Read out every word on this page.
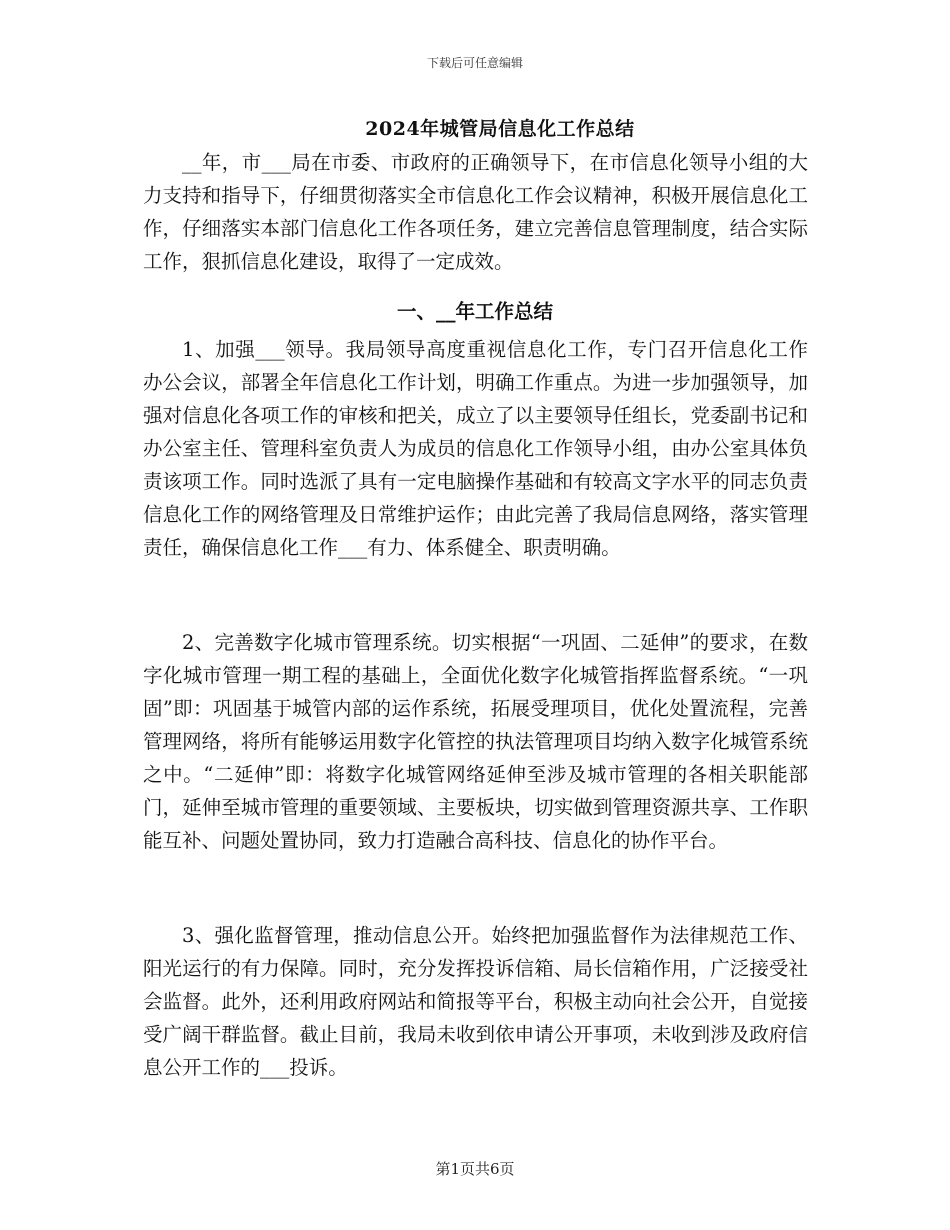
下载后可任意编辑
2024年城管局信息化工作总结

__年，市___局在市委、市政府的正确领导下，在市信息化领导小组的大力支持和指导下，仔细贯彻落实全市信息化工作会议精神，积极开展信息化工作，仔细落实本部门信息化工作各项任务，建立完善信息管理制度，结合实际工作，狠抓信息化建设，取得了一定成效。

一、__年工作总结

1、加强___领导。我局领导高度重视信息化工作，专门召开信息化工作办公会议，部署全年信息化工作计划，明确工作重点。为进一步加强领导，加强对信息化各项工作的审核和把关，成立了以主要领导任组长，党委副书记和办公室主任、管理科室负责人为成员的信息化工作领导小组，由办公室具体负责该项工作。同时选派了具有一定电脑操作基础和有较高文字水平的同志负责信息化工作的网络管理及日常维护运作；由此完善了我局信息网络，落实管理责任，确保信息化工作___有力、体系健全、职责明确。

2、完善数字化城市管理系统。切实根据“一巩固、二延伸”的要求，在数字化城市管理一期工程的基础上，全面优化数字化城管指挥监督系统。“一巩固”即：巩固基于城管内部的运作系统，拓展受理项目，优化处置流程，完善管理网络，将所有能够运用数字化管控的执法管理项目均纳入数字化城管系统之中。“二延伸”即：将数字化城管网络延伸至涉及城市管理的各相关职能部门，延伸至城市管理的重要领域、主要板块，切实做到管理资源共享、工作职能互补、问题处置协同，致力打造融合高科技、信息化的协作平台。

3、强化监督管理，推动信息公开。始终把加强监督作为法律规范工作、阳光运行的有力保障。同时，充分发挥投诉信箱、局长信箱作用，广泛接受社会监督。此外，还利用政府网站和简报等平台，积极主动向社会公开，自觉接受广阔干群监督。截止目前，我局未收到依申请公开事项，未收到涉及政府信息公开工作的___投诉。

第1页共6页
